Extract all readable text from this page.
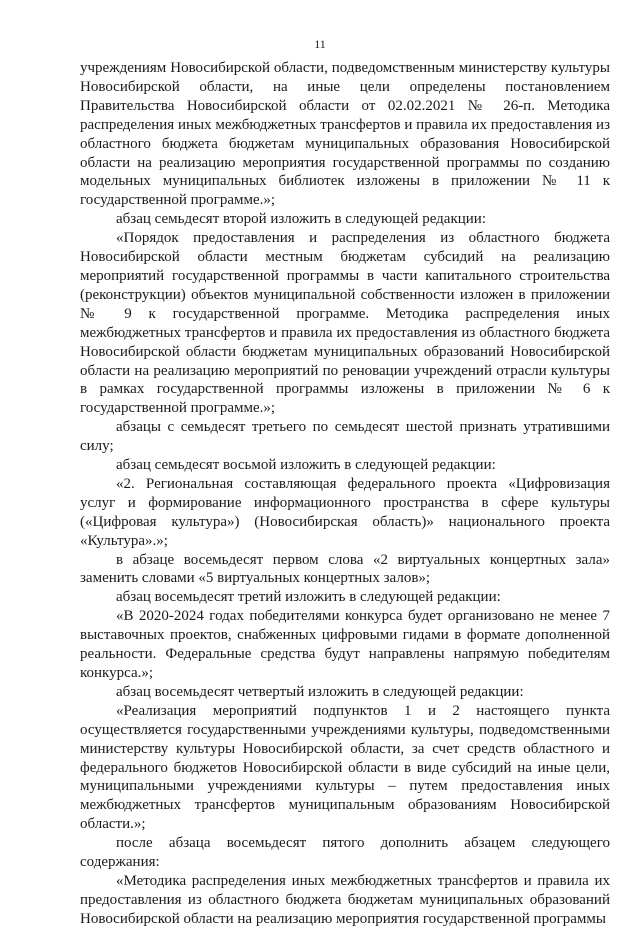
11

учреждениям Новосибирской области, подведомственным министерству культуры Новосибирской области, на иные цели определены постановлением Правительства Новосибирской области от 02.02.2021 № 26-п. Методика распределения иных межбюджетных трансфертов и правила их предоставления из областного бюджета бюджетам муниципальных образования Новосибирской области на реализацию мероприятия государственной программы по созданию модельных муниципальных библиотек изложены в приложении № 11 к государственной программе.»;

абзац семьдесят второй изложить в следующей редакции:

«Порядок предоставления и распределения из областного бюджета Новосибирской области местным бюджетам субсидий на реализацию мероприятий государственной программы в части капитального строительства (реконструкции) объектов муниципальной собственности изложен в приложении № 9 к государственной программе. Методика распределения иных межбюджетных трансфертов и правила их предоставления из областного бюджета Новосибирской области бюджетам муниципальных образований Новосибирской области на реализацию мероприятий по реновации учреждений отрасли культуры в рамках государственной программы изложены в приложении № 6 к государственной программе.»;

абзацы с семьдесят третьего по семьдесят шестой признать утратившими силу;

абзац семьдесят восьмой изложить в следующей редакции:

«2. Региональная составляющая федерального проекта «Цифровизация услуг и формирование информационного пространства в сфере культуры («Цифровая культура») (Новосибирская область)» национального проекта «Культура».»;

в абзаце восемьдесят первом слова «2 виртуальных концертных зала» заменить словами «5 виртуальных концертных залов»;

абзац восемьдесят третий изложить в следующей редакции:

«В 2020-2024 годах победителями конкурса будет организовано не менее 7 выставочных проектов, снабженных цифровыми гидами в формате дополненной реальности. Федеральные средства будут направлены напрямую победителям конкурса.»;

абзац восемьдесят четвертый изложить в следующей редакции:

«Реализация мероприятий подпунктов 1 и 2 настоящего пункта осуществляется государственными учреждениями культуры, подведомственными министерству культуры Новосибирской области, за счет средств областного и федерального бюджетов Новосибирской области в виде субсидий на иные цели, муниципальными учреждениями культуры – путем предоставления иных межбюджетных трансфертов муниципальным образованиям Новосибирской области.»;

после абзаца восемьдесят пятого дополнить абзацем следующего содержания:

«Методика распределения иных межбюджетных трансфертов и правила их предоставления из областного бюджета бюджетам муниципальных образований Новосибирской области на реализацию мероприятия государственной программы
